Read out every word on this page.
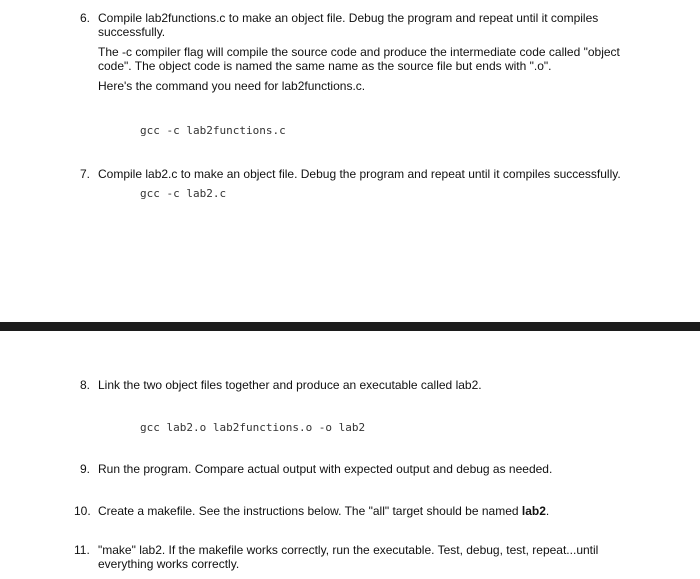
6. Compile lab2functions.c to make an object file. Debug the program and repeat until it compiles
successfully.
The -c compiler flag will compile the source code and produce the intermediate code called "object
code". The object code is named the same name as the source file but ends with ".o".
Here's the command you need for lab2functions.c.
gcc -c lab2functions.c
7. Compile lab2.c to make an object file. Debug the program and repeat until it compiles successfully.
gcc -c lab2.c
8. Link the two object files together and produce an executable called lab2.
gcc lab2.o lab2functions.o -o lab2
9. Run the program. Compare actual output with expected output and debug as needed.
10. Create a makefile. See the instructions below. The "all" target should be named lab2.
11. "make" lab2. If the makefile works correctly, run the executable. Test, debug, test, repeat...until
everything works correctly.
